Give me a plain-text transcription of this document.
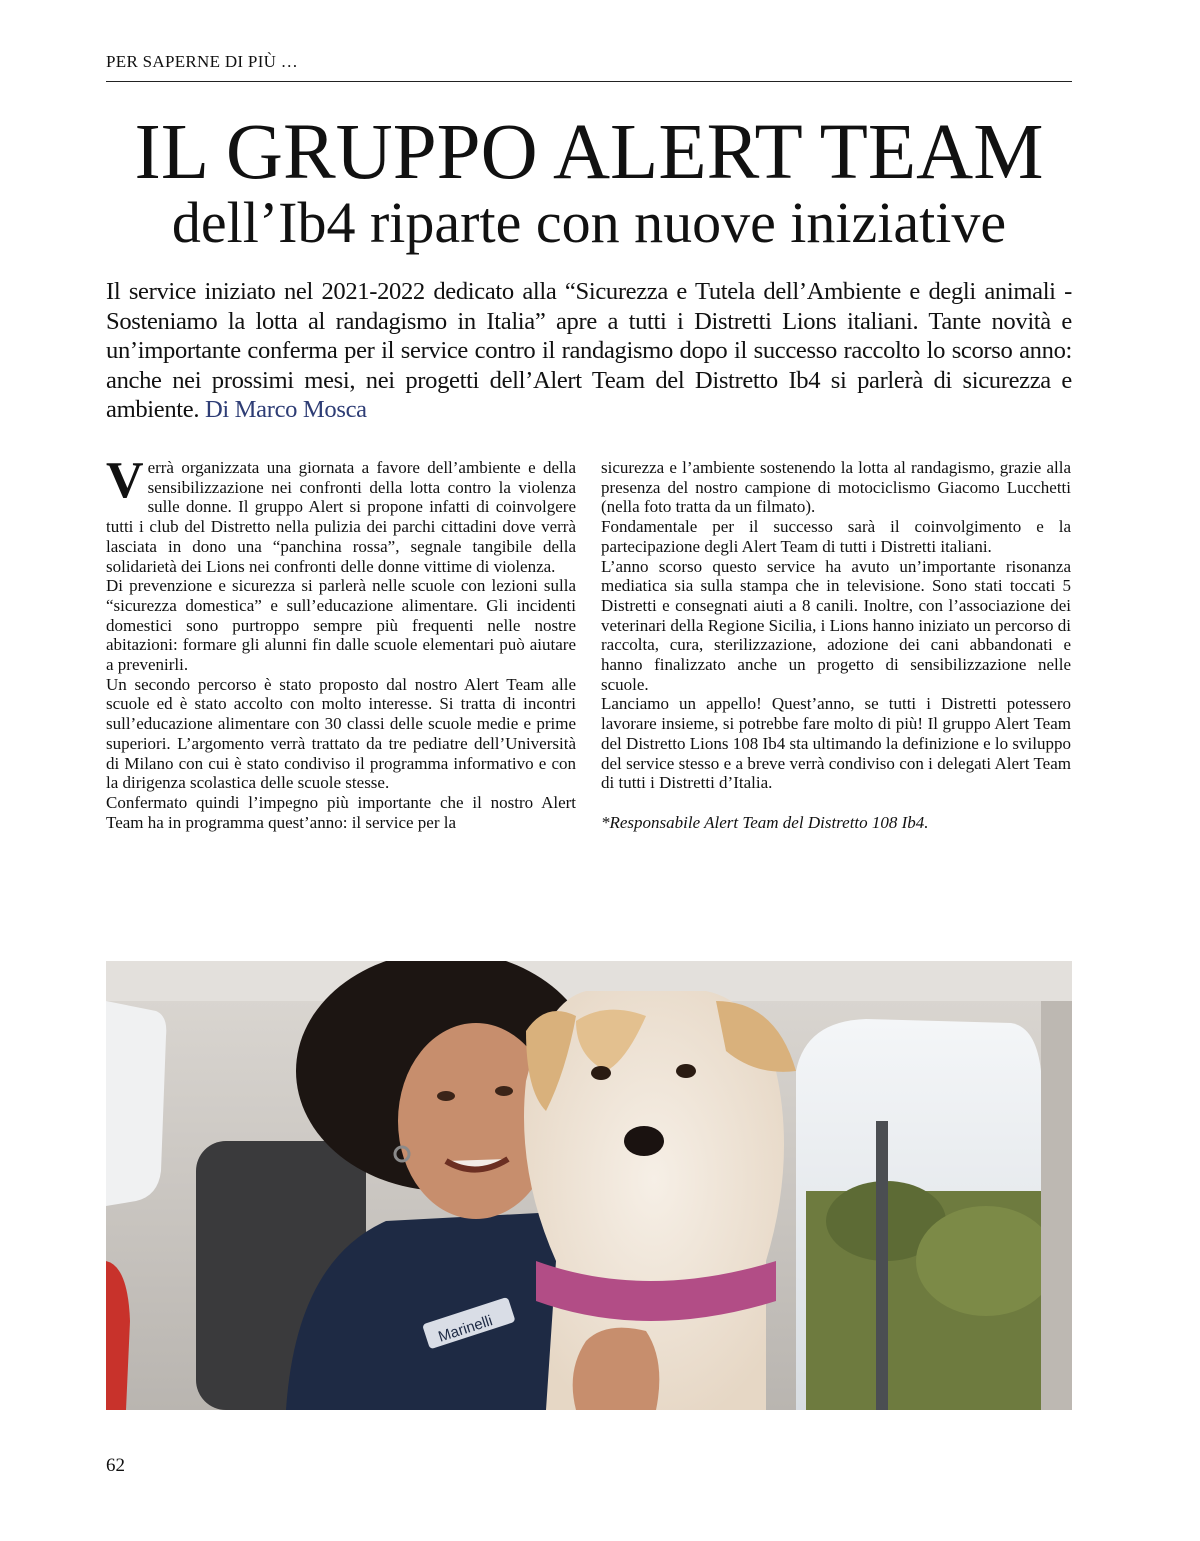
PER SAPERNE DI PIÙ …
IL GRUPPO ALERT TEAM
dell’Ib4 riparte con nuove iniziative

Il service iniziato nel 2021-2022 dedicato alla “Sicurezza e Tutela dell’Ambiente e degli animali - Sosteniamo la lotta al randagismo in Italia” apre a tutti i Distretti Lions italiani. Tante novità e un’importante conferma per il service contro il randagismo dopo il successo raccolto lo scorso anno: anche nei prossimi mesi, nei progetti dell’Alert Team del Distretto Ib4 si parlerà di sicurezza e ambiente. Di Marco Mosca

Verrà organizzata una giornata a favore dell’ambiente e della sensibilizzazione nei confronti della lotta contro la violenza sulle donne. Il gruppo Alert si propone infatti di coinvolgere tutti i club del Distretto nella pulizia dei parchi cittadini dove verrà lasciata in dono una “panchina rossa”, segnale tangibile della solidarietà dei Lions nei confronti delle donne vittime di violenza.

Di prevenzione e sicurezza si parlerà nelle scuole con lezioni sulla “sicurezza domestica” e sull’educazione alimentare. Gli incidenti domestici sono purtroppo sempre più frequenti nelle nostre abitazioni: formare gli alunni fin dalle scuole elementari può aiutare a prevenirli.

Un secondo percorso è stato proposto dal nostro Alert Team alle scuole ed è stato accolto con molto interesse. Si tratta di incontri sull’educazione alimentare con 30 classi delle scuole medie e prime superiori. L’argomento verrà trattato da tre pediatre dell’Università di Milano con cui è stato condiviso il programma informativo e con la dirigenza scolastica delle scuole stesse.

Confermato quindi l’impegno più importante che il nostro Alert Team ha in programma quest’anno: il service per la

sicurezza e l’ambiente sostenendo la lotta al randagismo, grazie alla presenza del nostro campione di motociclismo Giacomo Lucchetti (nella foto tratta da un filmato).

Fondamentale per il successo sarà il coinvolgimento e la partecipazione degli Alert Team di tutti i Distretti italiani.

L’anno scorso questo service ha avuto un’importante risonanza mediatica sia sulla stampa che in televisione. Sono stati toccati 5 Distretti e consegnati aiuti a 8 canili. Inoltre, con l’associazione dei veterinari della Regione Sicilia, i Lions hanno iniziato un percorso di raccolta, cura, sterilizzazione, adozione dei cani abbandonati e hanno finalizzato anche un progetto di sensibilizzazione nelle scuole.

Lanciamo un appello! Quest’anno, se tutti i Distretti potessero lavorare insieme, si potrebbe fare molto di più! Il gruppo Alert Team del Distretto Lions 108 Ib4 sta ultimando la definizione e lo sviluppo del service stesso e a breve verrà condiviso con i delegati Alert Team di tutti i Distretti d’Italia.

*Responsabile Alert Team del Distretto 108 Ib4.

Marinelli
62
